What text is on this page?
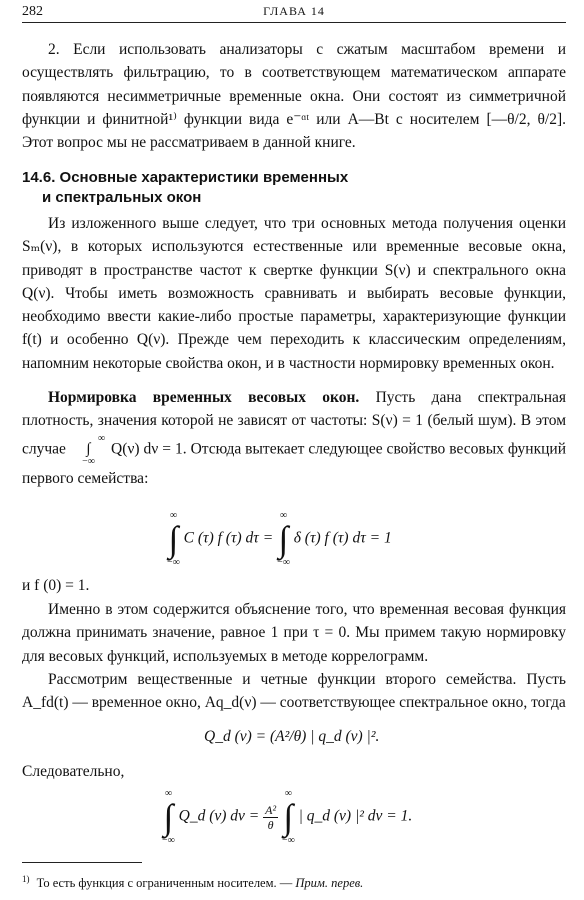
282	ГЛАВА 14

2. Если использовать анализаторы с сжатым масштабом времени и осуществлять фильтрацию, то в соответствующем математическом аппарате появляются несимметричные временные окна. Они состоят из симметричной функции и финитной¹⁾ функции вида e⁻ᵅᵗ или A—Bt с носителем [—θ/2, θ/2]. Этот вопрос мы не рассматриваем в данной книге.

14.6. Основные характеристики временных
и спектральных окон

Из изложенного выше следует, что три основных метода получения оценки Sₘ(ν), в которых используются естественные или временные весовые окна, приводят в пространстве частот к свертке функции S(ν) и спектрального окна Q(ν). Чтобы иметь возможность сравнивать и выбирать весовые функции, необходимо ввести какие-либо простые параметры, характеризующие функции f(t) и особенно Q(ν). Прежде чем переходить к классическим определениям, напомним некоторые свойства окон, и в частности нормировку временных окон.

Нормировка временных весовых окон. Пусть дана спектральная плотность, значения которой не зависят от частоты: S(ν) = 1 (белый шум). В этом случае ∞
∫
−∞ Q(ν) dν = 1. Отсюда вытекает следующее свойство весовых функций первого семейства:

∞
∫
−∞ C (τ) f (τ) dτ = ∞
∫
−∞ δ (τ) f (τ) dτ = 1

и f (0) = 1.

Именно в этом содержится объяснение того, что временная весовая функция должна принимать значение, равное 1 при τ = 0. Мы примем такую нормировку для весовых функций, используемых в методе коррелограмм.

Рассмотрим вещественные и четные функции второго семейства. Пусть A_fd(t) — временное окно, Aq_d(ν) — соответствующее спектральное окно, тогда

Q_d (ν) = (A²/θ) | q_d (ν) |².

Следовательно,

∞
∫
−∞ Q_d (ν) $d\nu = \frac{\text{A²}}{\theta}$
∞
∫
−∞ | q_d (ν) |² dν = 1.
$^{1)}$ То есть функция с ограниченным носителем. — Прим. перев.
